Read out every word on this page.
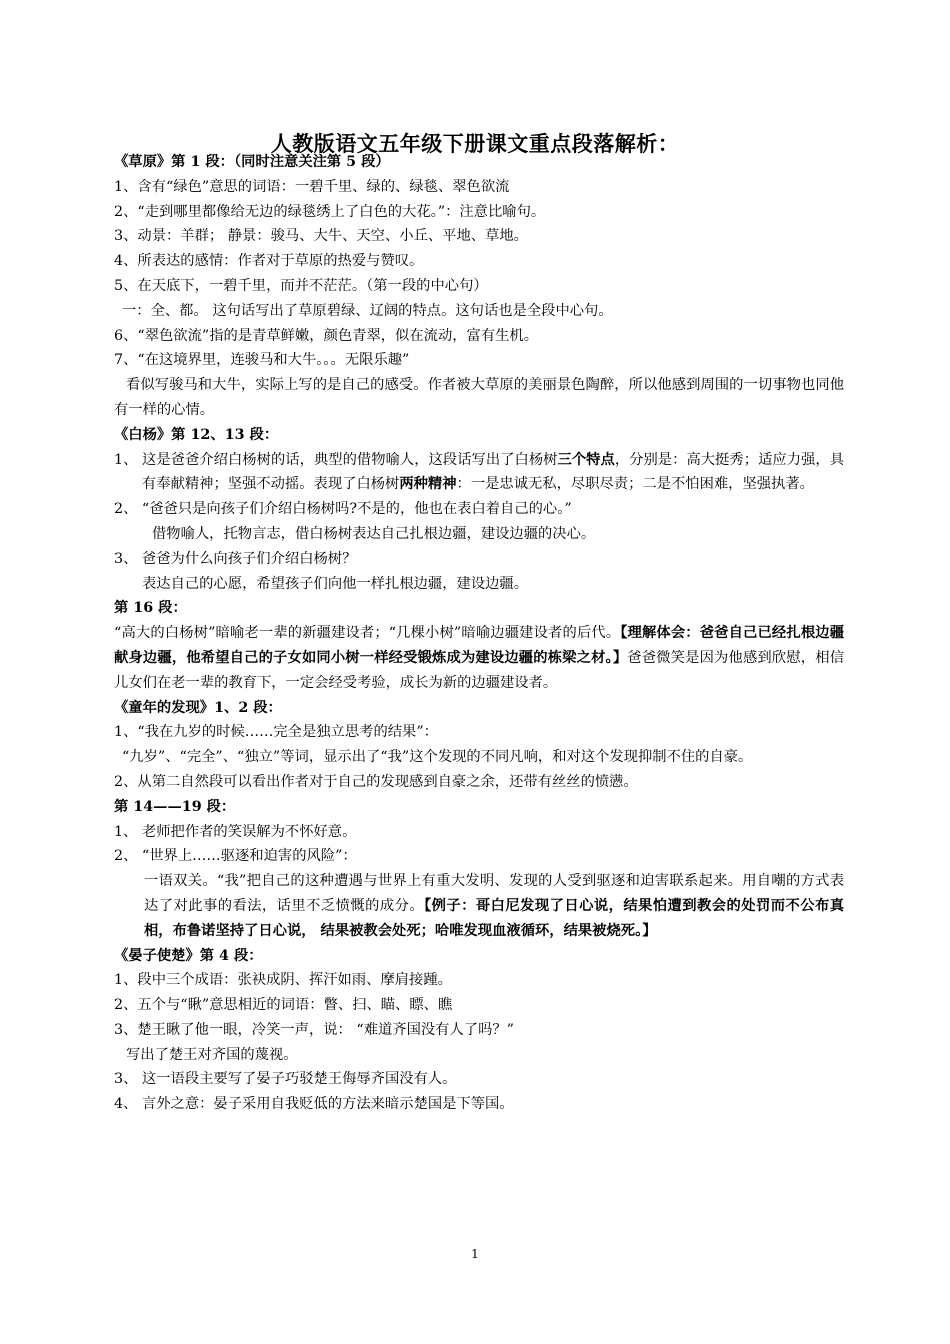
人教版语文五年级下册课文重点段落解析：
《草原》第 1 段：（同时注意关注第 5 段）
1、含有“绿色”意思的词语：一碧千里、绿的、绿毯、翠色欲流
2、“走到哪里都像给无边的绿毯绣上了白色的大花。”：注意比喻句。
3、动景：羊群； 静景：骏马、大牛、天空、小丘、平地、草地。
4、所表达的感情：作者对于草原的热爱与赞叹。
5、在天底下，一碧千里，而并不茫茫。（第一段的中心句）
一：全、都。 这句话写出了草原碧绿、辽阔的特点。这句话也是全段中心句。
6、“翠色欲流”指的是青草鲜嫩，颜色青翠，似在流动，富有生机。
7、“在这境界里，连骏马和大牛。。。无限乐趣”
看似写骏马和大牛，实际上写的是自己的感受。作者被大草原的美丽景色陶醉，所以他感到周围的一切事物也同他有一样的心情。
《白杨》第 12、13 段：
1、 这是爸爸介绍白杨树的话，典型的借物喻人，这段话写出了白杨树三个特点，分别是：高大挺秀；适应力强，具有奉献精神；坚强不动摇。表现了白杨树两种精神：一是忠诚无私，尽职尽责；二是不怕困难，坚强执著。
2、 “爸爸只是向孩子们介绍白杨树吗?不是的，他也在表白着自己的心。”
借物喻人，托物言志，借白杨树表达自己扎根边疆，建设边疆的决心。
3、 爸爸为什么向孩子们介绍白杨树？
表达自己的心愿，希望孩子们向他一样扎根边疆，建设边疆。
第 16 段：
“高大的白杨树”暗喻老一辈的新疆建设者；“几棵小树”暗喻边疆建设者的后代。【理解体会：爸爸自己已经扎根边疆献身边疆，他希望自己的子女如同小树一样经受锻炼成为建设边疆的栋梁之材。】爸爸微笑是因为他感到欣慰，相信儿女们在老一辈的教育下，一定会经受考验，成长为新的边疆建设者。
《童年的发现》1、2 段：
1、“我在九岁的时候……完全是独立思考的结果”：
“九岁”、“完全”、“独立”等词，显示出了“我”这个发现的不同凡响，和对这个发现抑制不住的自豪。
2、从第二自然段可以看出作者对于自己的发现感到自豪之余，还带有丝丝的愤懑。
第 14——19 段：
1、 老师把作者的笑误解为不怀好意。
2、 “世界上……驱逐和迫害的风险”：
一语双关。“我”把自己的这种遭遇与世界上有重大发明、发现的人受到驱逐和迫害联系起来。用自嘲的方式表达了对此事的看法，话里不乏愤慨的成分。【例子：哥白尼发现了日心说，结果怕遭到教会的处罚而不公布真相，布鲁诺坚持了日心说， 结果被教会处死；哈唯发现血液循环，结果被烧死。】
《晏子使楚》第 4 段：
1、段中三个成语：张袂成阴、挥汗如雨、摩肩接踵。
2、五个与“瞅”意思相近的词语：瞥、扫、瞄、瞟、瞧
3、楚王瞅了他一眼，冷笑一声，说： “难道齐国没有人了吗？”
写出了楚王对齐国的蔑视。
3、 这一语段主要写了晏子巧驳楚王侮辱齐国没有人。
4、 言外之意：晏子采用自我贬低的方法来暗示楚国是下等国。
1
